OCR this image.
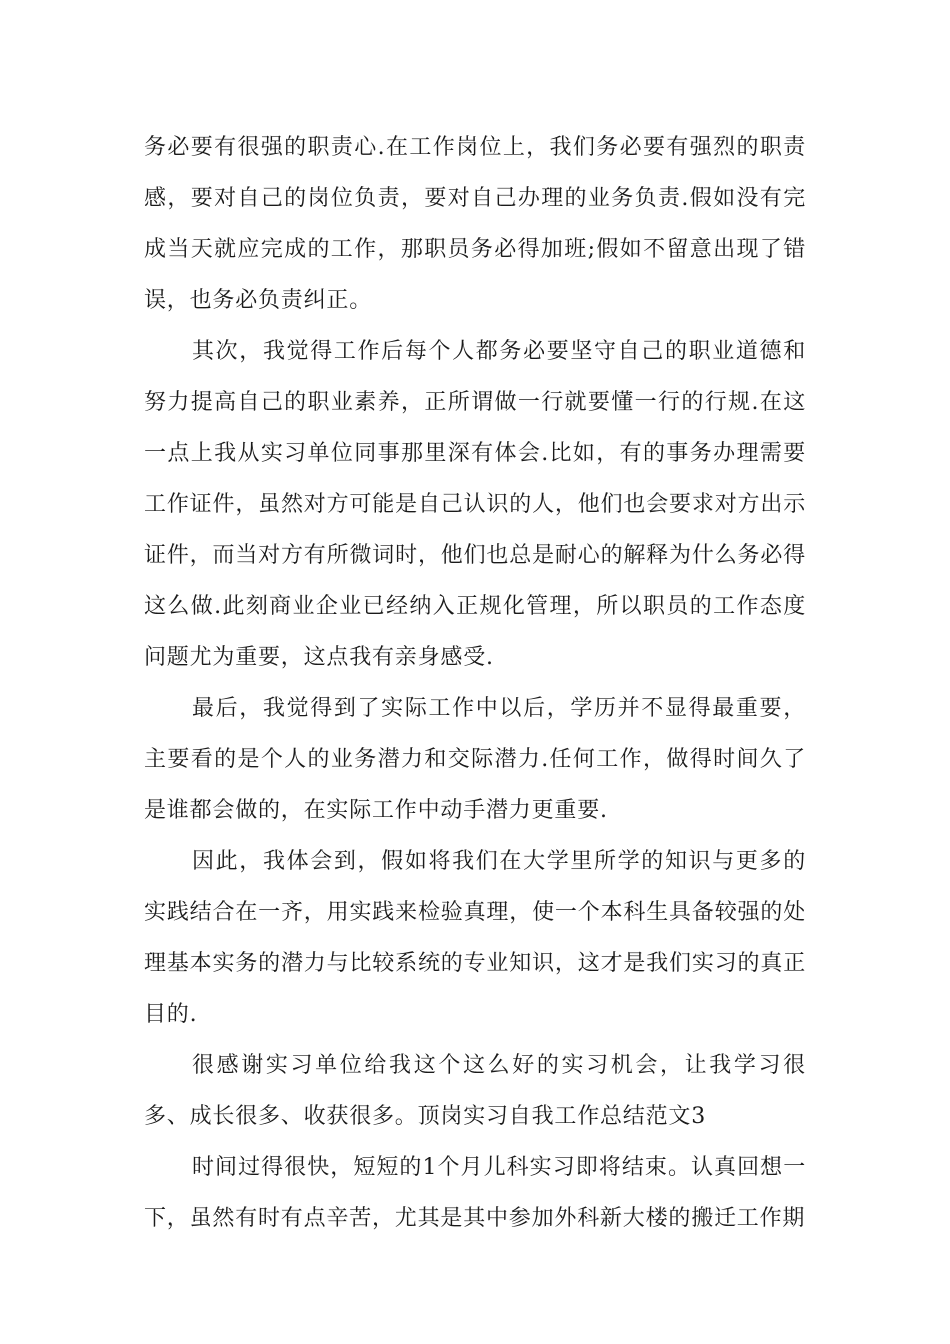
务必要有很强的职责心.在工作岗位上，我们务必要有强烈的职责感，要对自己的岗位负责，要对自己办理的业务负责.假如没有完成当天就应完成的工作，那职员务必得加班;假如不留意出现了错误，也务必负责纠正。

其次，我觉得工作后每个人都务必要坚守自己的职业道德和努力提高自己的职业素养，正所谓做一行就要懂一行的行规.在这一点上我从实习单位同事那里深有体会.比如，有的事务办理需要工作证件，虽然对方可能是自己认识的人，他们也会要求对方出示证件，而当对方有所微词时，他们也总是耐心的解释为什么务必得这么做.此刻商业企业已经纳入正规化管理，所以职员的工作态度问题尤为重要，这点我有亲身感受.

最后，我觉得到了实际工作中以后，学历并不显得最重要，主要看的是个人的业务潜力和交际潜力.任何工作，做得时间久了是谁都会做的，在实际工作中动手潜力更重要.

因此，我体会到，假如将我们在大学里所学的知识与更多的实践结合在一齐，用实践来检验真理，使一个本科生具备较强的处理基本实务的潜力与比较系统的专业知识，这才是我们实习的真正目的.

很感谢实习单位给我这个这么好的实习机会，让我学习很多、成长很多、收获很多。顶岗实习自我工作总结范文3

时间过得很快，短短的1个月儿科实习即将结束。认真回想一下，虽然有时有点辛苦，尤其是其中参加外科新大楼的搬迁工作期
